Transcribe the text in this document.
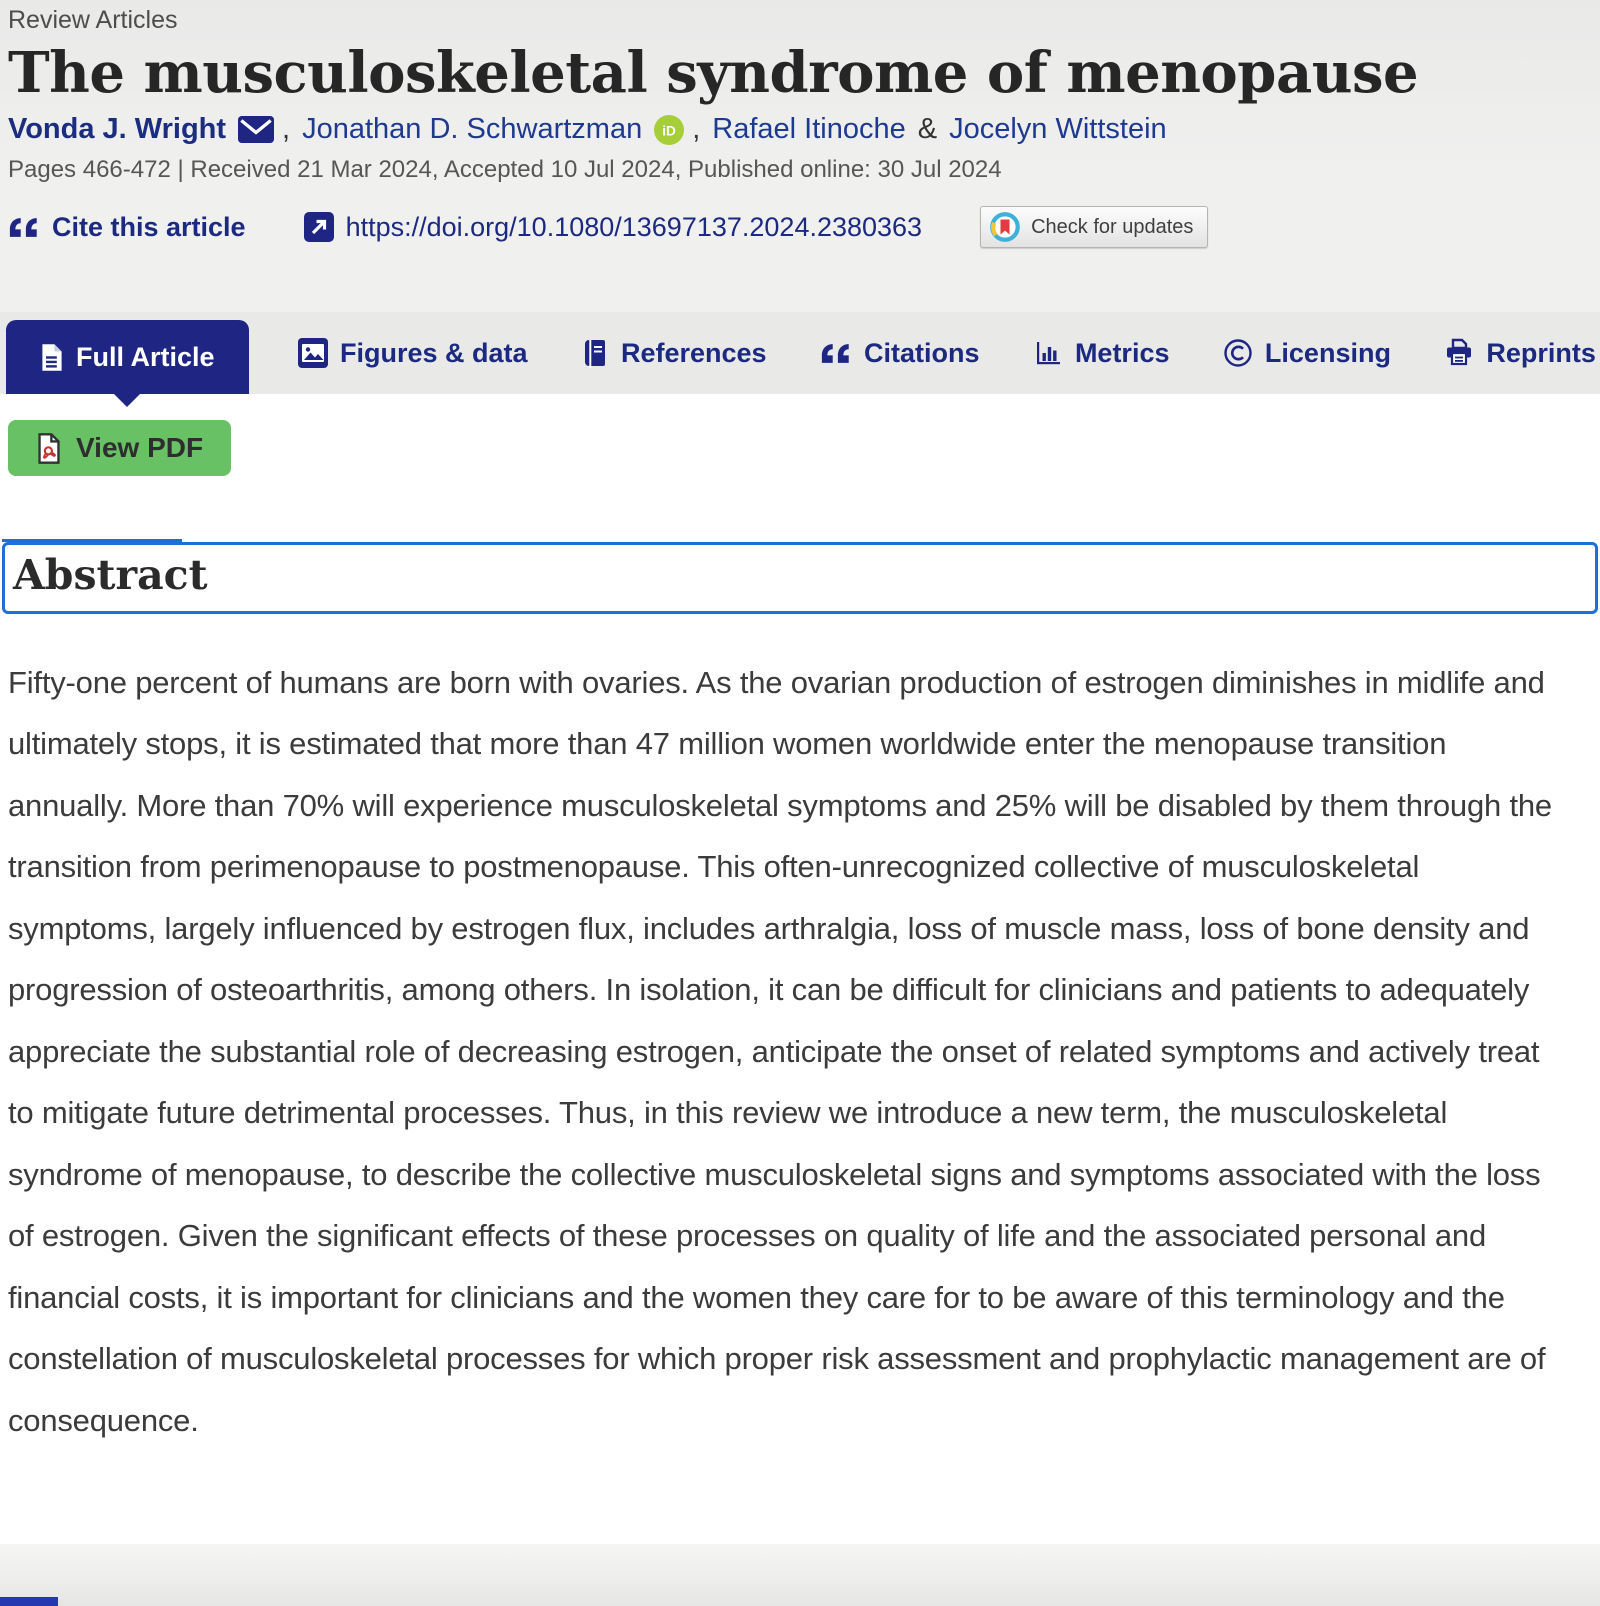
Review Articles
The musculoskeletal syndrome of menopause
Vonda J. Wright , Jonathan D. Schwartzman iD , Rafael Itinoche & Jocelyn Wittstein
Pages 466-472 | Received 21 Mar 2024, Accepted 10 Jul 2024, Published online: 30 Jul 2024
Cite this article	https://doi.org/10.1080/13697137.2024.2380363	Check for updates
Full Article	Figures & data	References	Citations	Metrics	Licensing	Reprints
View PDF
Abstract

Fifty-one percent of humans are born with ovaries. As the ovarian production of estrogen diminishes in midlife and ultimately stops, it is estimated that more than 47 million women worldwide enter the menopause transition annually. More than 70% will experience musculoskeletal symptoms and 25% will be disabled by them through the transition from perimenopause to postmenopause. This often-unrecognized collective of musculoskeletal symptoms, largely influenced by estrogen flux, includes arthralgia, loss of muscle mass, loss of bone density and progression of osteoarthritis, among others. In isolation, it can be difficult for clinicians and patients to adequately appreciate the substantial role of decreasing estrogen, anticipate the onset of related symptoms and actively treat to mitigate future detrimental processes. Thus, in this review we introduce a new term, the musculoskeletal syndrome of menopause, to describe the collective musculoskeletal signs and symptoms associated with the loss of estrogen. Given the significant effects of these processes on quality of life and the associated personal and financial costs, it is important for clinicians and the women they care for to be aware of this terminology and the constellation of musculoskeletal processes for which proper risk assessment and prophylactic management are of consequence.
